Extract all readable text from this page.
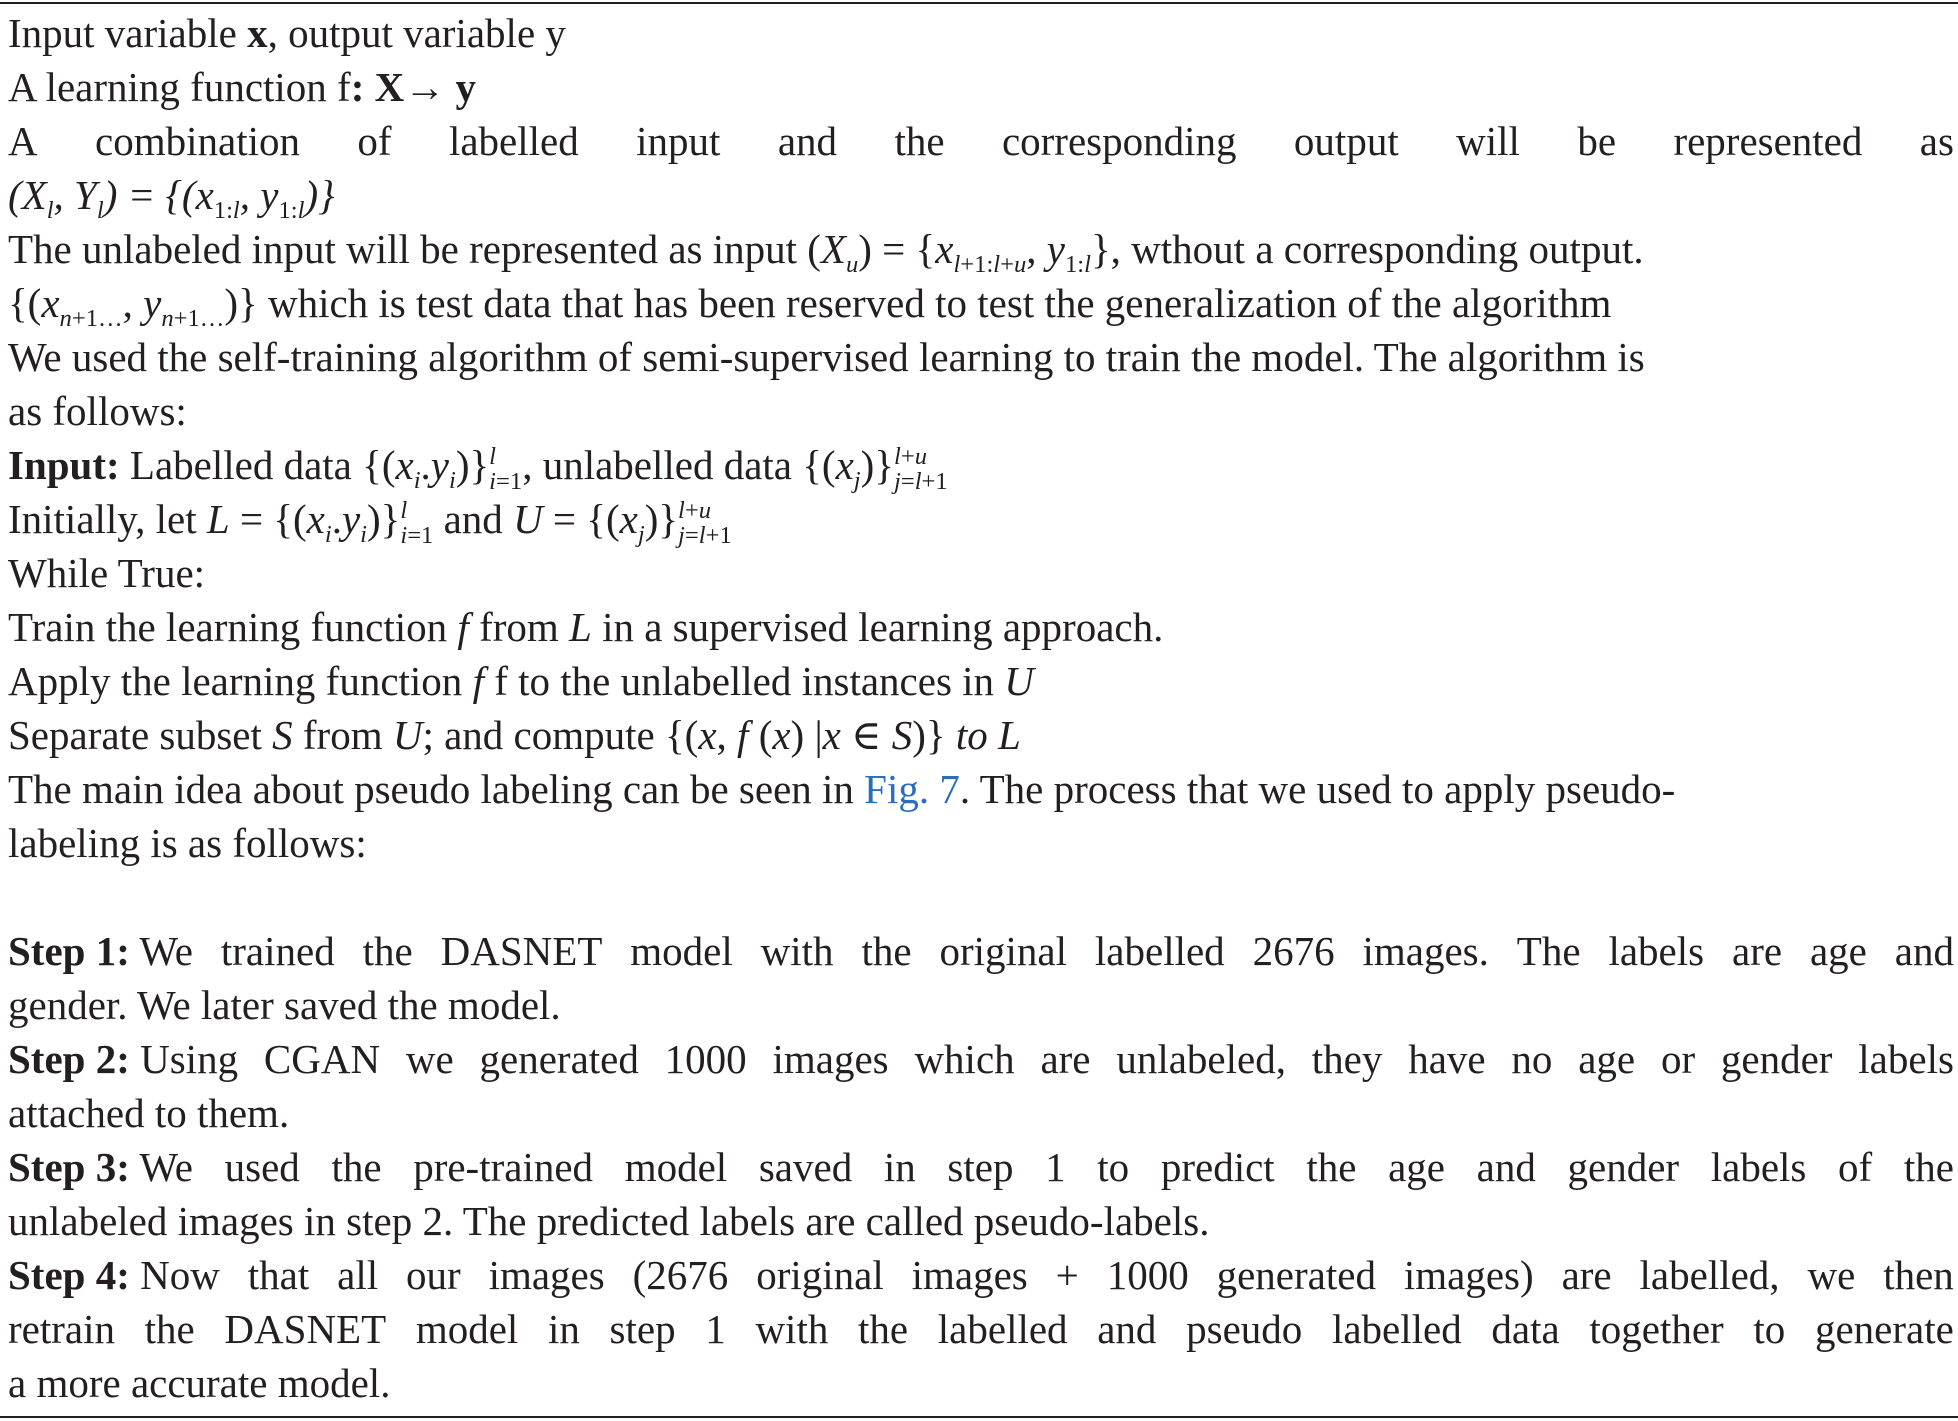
Input variable x, output variable y
A learning function f: X→ y
A combination of labelled input and the corresponding output will be represented as
($X_l$, $Y_l) = \{(x_{1:l}$, $y_{1:l}$)}
The unlabeled input will be represented as input $(X_u) = \{x_{l+1:l+u}$, $y_{1:l}$}, wthout a corresponding output.
{($x_{n+1\dots}$, $y_{n+1\dots}$)} which is test data that has been reserved to test the generalization of the algorithm
We used the self-training algorithm of semi-supervised learning to train the model. The algorithm is
as follows:
Input: Labelled data $\{(x_i.y_i)\}l$
i=1, unlabelled data $\{(x_j)\}l+u$
j=l+1
Initially, let $L = \{(x_i.y_i)\}l$
i=1 and $U = \{(x_j)\}l+u$
j=l+1
While True:
Train the learning function f from L in a supervised learning approach.
Apply the learning function f f to the unlabelled instances in U
Separate subset S from U; and compute {(x, f (x) |x ∈ S)} to L
The main idea about pseudo labeling can be seen in Fig. 7. The process that we used to apply pseudo-
labeling is as follows:
Step 1: We trained the DASNET model with the original labelled 2676 images. The labels are age and
gender. We later saved the model.
Step 2: Using CGAN we generated 1000 images which are unlabeled, they have no age or gender labels
attached to them.
Step 3: We used the pre-trained model saved in step 1 to predict the age and gender labels of the
unlabeled images in step 2. The predicted labels are called pseudo-labels.
Step 4: Now that all our images (2676 original images + 1000 generated images) are labelled, we then
retrain the DASNET model in step 1 with the labelled and pseudo labelled data together to generate
a more accurate model.
